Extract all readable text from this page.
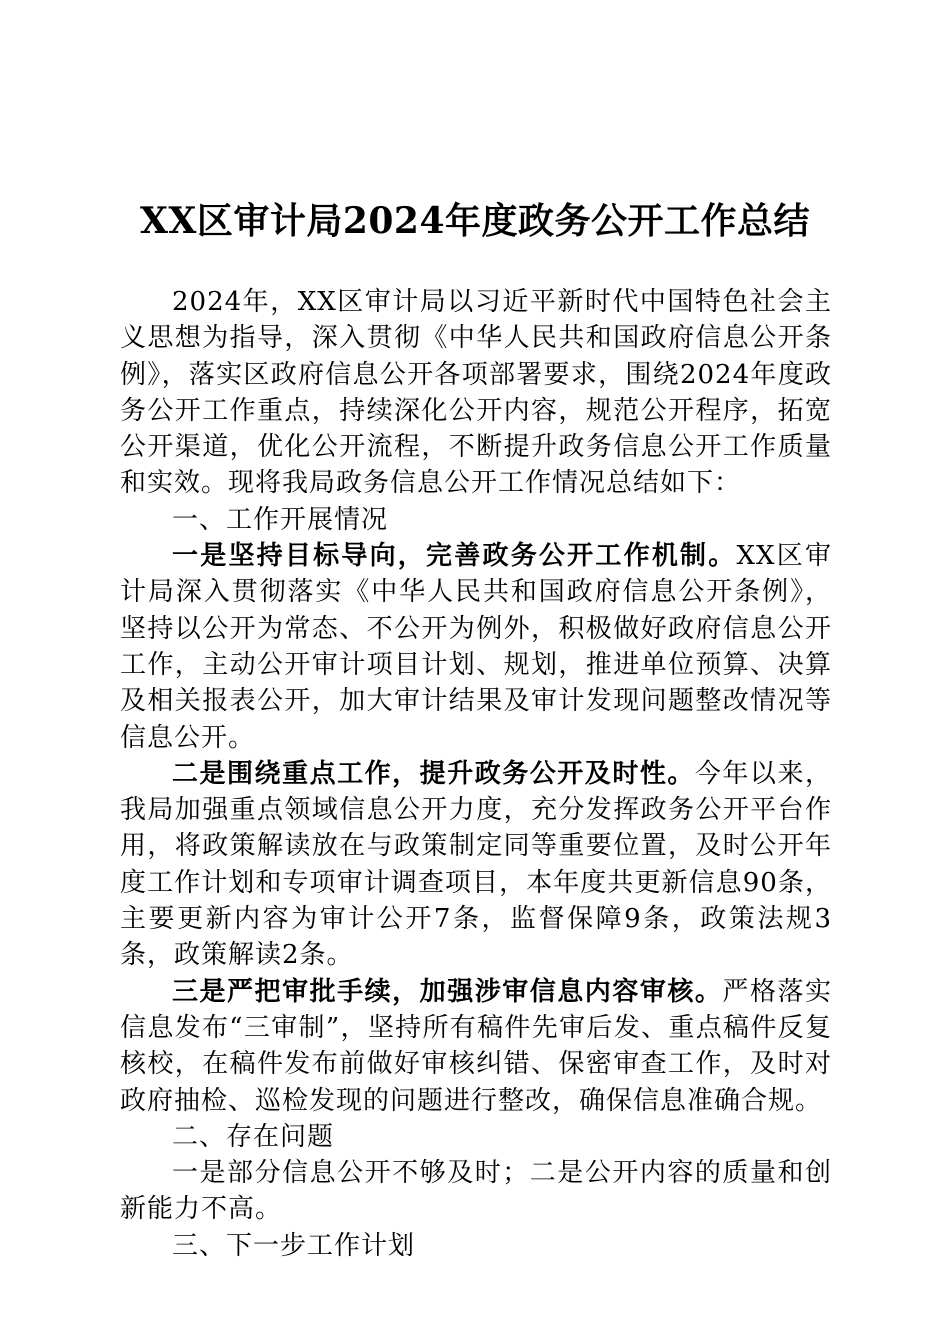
XX区审计局2024年度政务公开工作总结

2024年，XX区审计局以习近平新时代中国特色社会主义思想为指导，深入贯彻《中华人民共和国政府信息公开条例》，落实区政府信息公开各项部署要求，围绕2024年度政务公开工作重点，持续深化公开内容，规范公开程序，拓宽公开渠道，优化公开流程，不断提升政务信息公开工作质量和实效。现将我局政务信息公开工作情况总结如下：

一、工作开展情况

一是坚持目标导向，完善政务公开工作机制。XX区审计局深入贯彻落实《中华人民共和国政府信息公开条例》，坚持以公开为常态、不公开为例外，积极做好政府信息公开工作，主动公开审计项目计划、规划，推进单位预算、决算及相关报表公开，加大审计结果及审计发现问题整改情况等信息公开。

二是围绕重点工作，提升政务公开及时性。今年以来，我局加强重点领域信息公开力度，充分发挥政务公开平台作用，将政策解读放在与政策制定同等重要位置，及时公开年度工作计划和专项审计调查项目，本年度共更新信息90条，主要更新内容为审计公开7条，监督保障9条，政策法规3条，政策解读2条。

三是严把审批手续，加强涉审信息内容审核。严格落实信息发布“三审制”，坚持所有稿件先审后发、重点稿件反复核校，在稿件发布前做好审核纠错、保密审查工作，及时对政府抽检、巡检发现的问题进行整改，确保信息准确合规。

二、存在问题

一是部分信息公开不够及时；二是公开内容的质量和创新能力不高。

三、下一步工作计划
